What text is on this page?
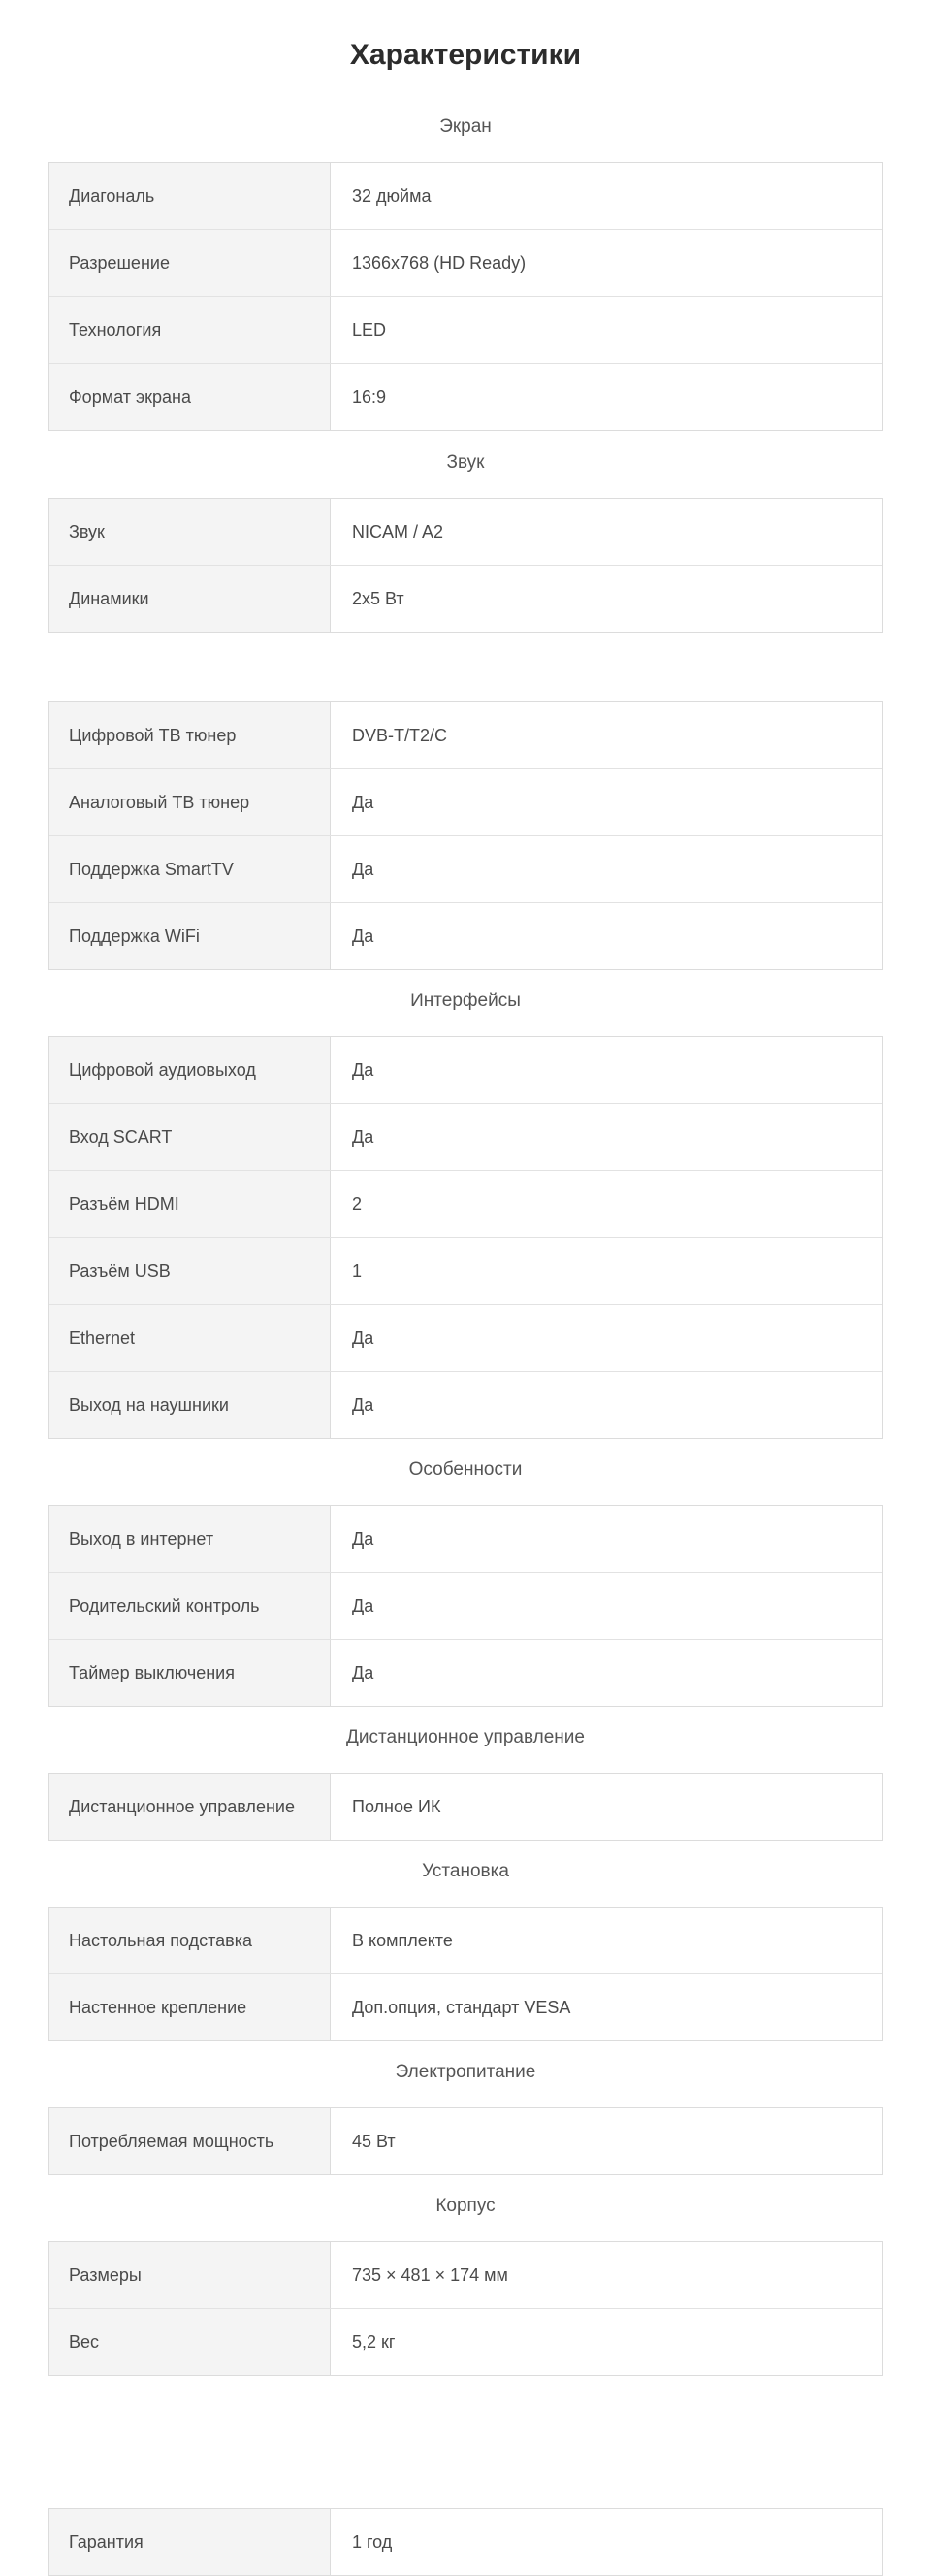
Характеристики
Экран
Диагональ	32 дюйма
Разрешение	1366x768 (HD Ready)
Технология	LED
Формат экрана	16:9
Звук
Звук	NICAM / A2
Динамики	2x5 Вт
Цифровой ТВ тюнер	DVB-T/T2/C
Аналоговый ТВ тюнер	Да
Поддержка SmartTV	Да
Поддержка WiFi	Да
Интерфейсы
Цифровой аудиовыход	Да
Вход SCART	Да
Разъём HDMI	2
Разъём USB	1
Ethernet	Да
Выход на наушники	Да
Особенности
Выход в интернет	Да
Родительский контроль	Да
Таймер выключения	Да
Дистанционное управление
Дистанционное управление	Полное ИК
Установка
Настольная подставка	В комплекте
Настенное крепление	Доп.опция, стандарт VESA
Электропитание
Потребляемая мощность	45 Вт
Корпус
Размеры	735 × 481 × 174 мм
Вес	5,2 кг
Гарантия	1 год
